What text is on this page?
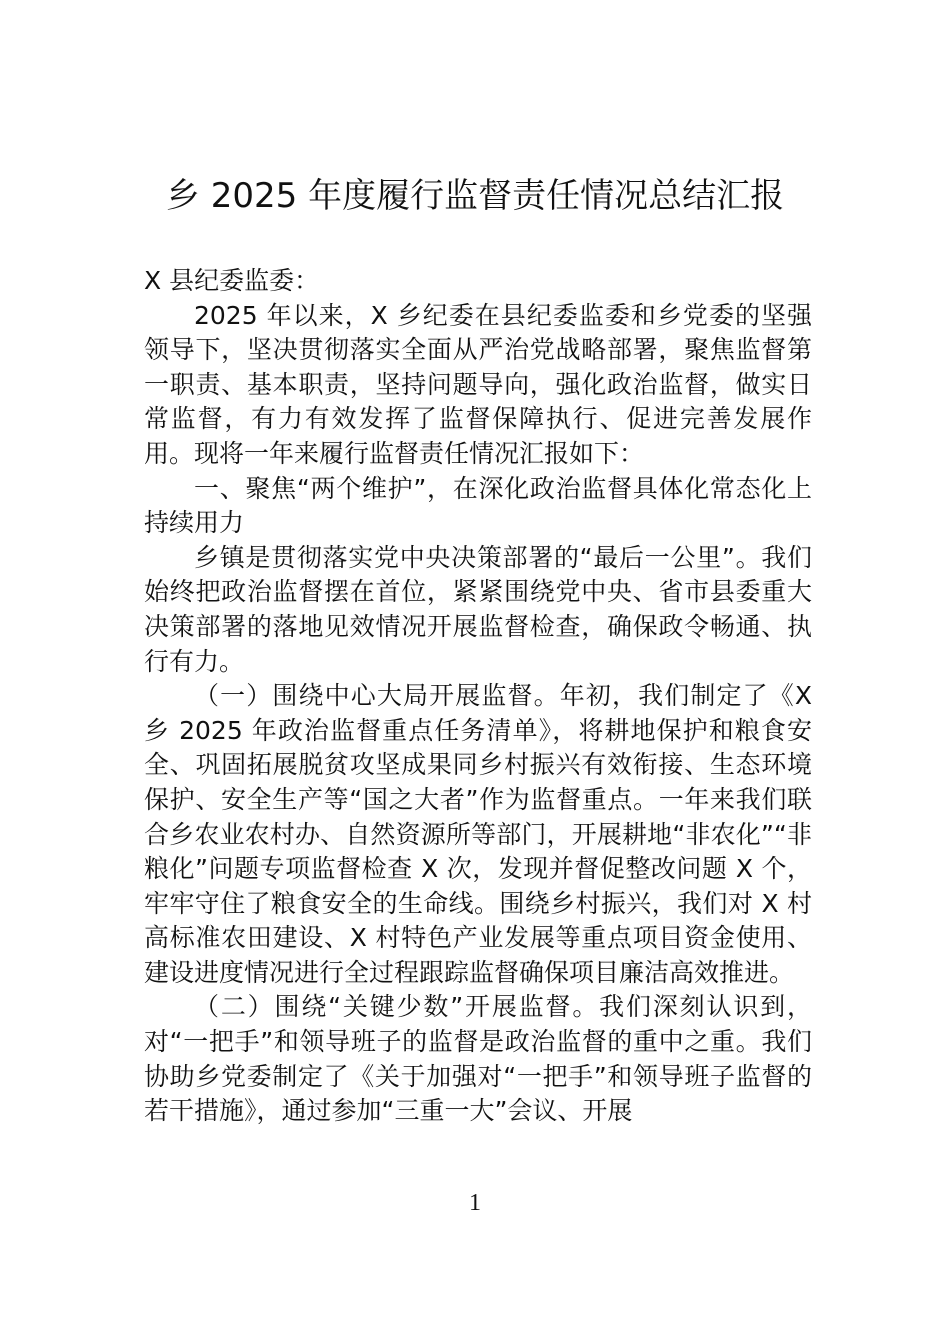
乡 2025 年度履行监督责任情况总结汇报

X 县纪委监委：

2025 年以来，X 乡纪委在县纪委监委和乡党委的坚强领导下，坚决贯彻落实全面从严治党战略部署，聚焦监督第一职责、基本职责，坚持问题导向，强化政治监督，做实日常监督，有力有效发挥了监督保障执行、促进完善发展作用。现将一年来履行监督责任情况汇报如下：

一、聚焦“两个维护”，在深化政治监督具体化常态化上持续用力

乡镇是贯彻落实党中央决策部署的“最后一公里”。我们始终把政治监督摆在首位，紧紧围绕党中央、省市县委重大决策部署的落地见效情况开展监督检查，确保政令畅通、执行有力。

（一）围绕中心大局开展监督。年初，我们制定了《X 乡 2025 年政治监督重点任务清单》，将耕地保护和粮食安全、巩固拓展脱贫攻坚成果同乡村振兴有效衔接、生态环境保护、安全生产等“国之大者”作为监督重点。一年来我们联合乡农业农村办、自然资源所等部门，开展耕地“非农化”“非粮化”问题专项监督检查 X 次，发现并督促整改问题 X 个，牢牢守住了粮食安全的生命线。围绕乡村振兴，我们对 X 村高标准农田建设、X 村特色产业发展等重点项目资金使用、建设进度情况进行全过程跟踪监督确保项目廉洁高效推进。

（二）围绕“关键少数”开展监督。我们深刻认识到，对“一把手”和领导班子的监督是政治监督的重中之重。我们协助乡党委制定了《关于加强对“一把手”和领导班子监督的若干措施》，通过参加“三重一大”会议、开展

1
